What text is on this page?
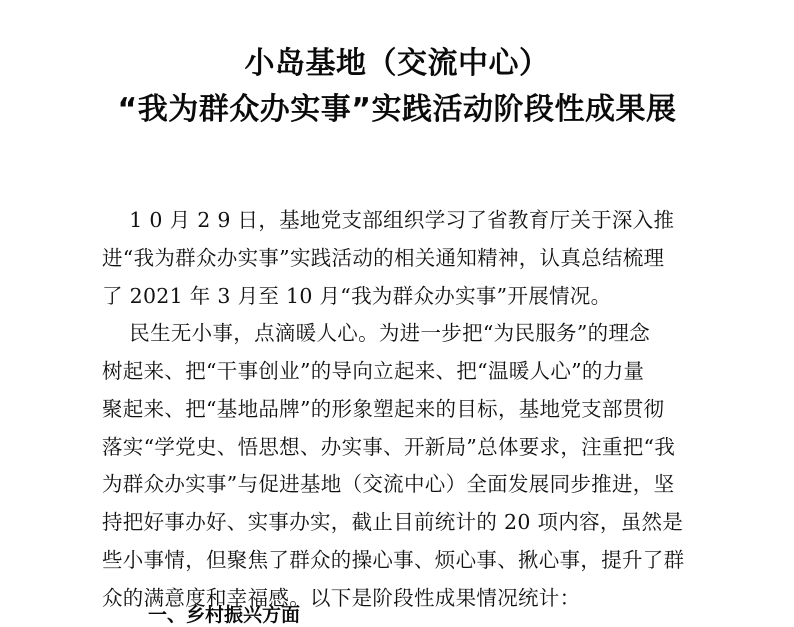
小岛基地（交流中心）
“我为群众办实事”实践活动阶段性成果展
1 0 月 2 9 日，基地党支部组织学习了省教育厅关于深入推
进“我为群众办实事”实践活动的相关通知精神，认真总结梳理
了 2021 年 3 月至 10 月“我为群众办实事”开展情况。
民生无小事，点滴暖人心。为进一步把“为民服务”的理念
树起来、把“干事创业”的导向立起来、把“温暖人心”的力量
聚起来、把“基地品牌”的形象塑起来的目标，基地党支部贯彻
落实“学党史、悟思想、办实事、开新局”总体要求，注重把“我
为群众办实事”与促进基地（交流中心）全面发展同步推进，坚
持把好事办好、实事办实，截止目前统计的 20 项内容，虽然是
些小事情，但聚焦了群众的操心事、烦心事、揪心事，提升了群
众的满意度和幸福感。以下是阶段性成果情况统计：
一、乡村振兴方面
